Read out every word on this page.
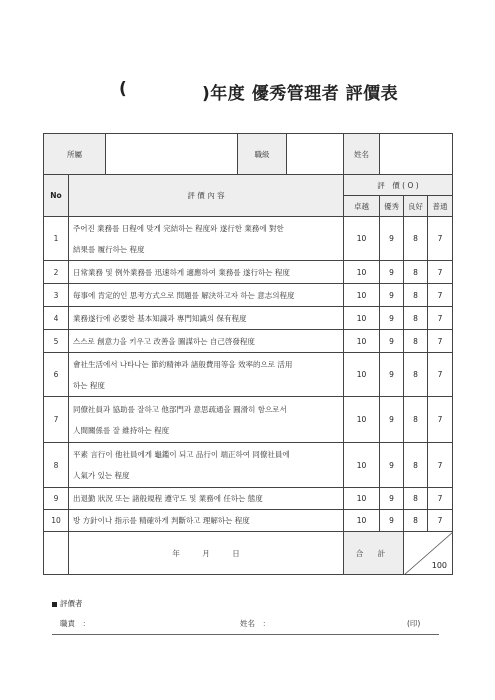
(	)年度 優秀管理者 評價表
所屬			職級		姓名			
No	評 價 內 容				評　價 ( O )			
					卓越	優秀	良好	普通
1	주어진 業務를 日程에 맞게 完結하는 程度와 遂行한 業務에 對한
結果를 履行하는 程度				10	9	8	7
2	日常業務 및 例外業務를 迅速하게 適應하여 業務를 遂行하는 程度				10	9	8	7
3	毎事에 肯定的인 思考方式으로 問題를 解決하고자 하는 意志의程度				10	9	8	7
4	業務遂行에 必要한 基本知識과 專門知識의 保有程度				10	9	8	7
5	스스로 創意力을 키우고 改善을 圖謀하는 自己啓發程度				10	9	8	7
6	會社生活에서 나타나는 節約精神과 諸般費用等을 效率的으로 活用
하는 程度				10	9	8	7
7	同僚社員과 協助를 잘하고 他部門과 意思疏通을 圓滑히 함으로서
人間關係를 잘 維持하는 程度				10	9	8	7
8	平素 言行이 他社員에게 龜鑑이 되고 品行이 端正하여 同僚社員에
人氣가 있는 程度				10	9	8	7
9	出退勤 狀況 또는 諸般規程 遵守도 및 業務에 任하는 態度				10	9	8	7
10	방 方針이나 指示를 精確하게 判斷하고 理解하는 程度				10	9	8	7
	年　　　月　　　日				合 計		100	
評價者
職責　：	姓名　：	(印)
